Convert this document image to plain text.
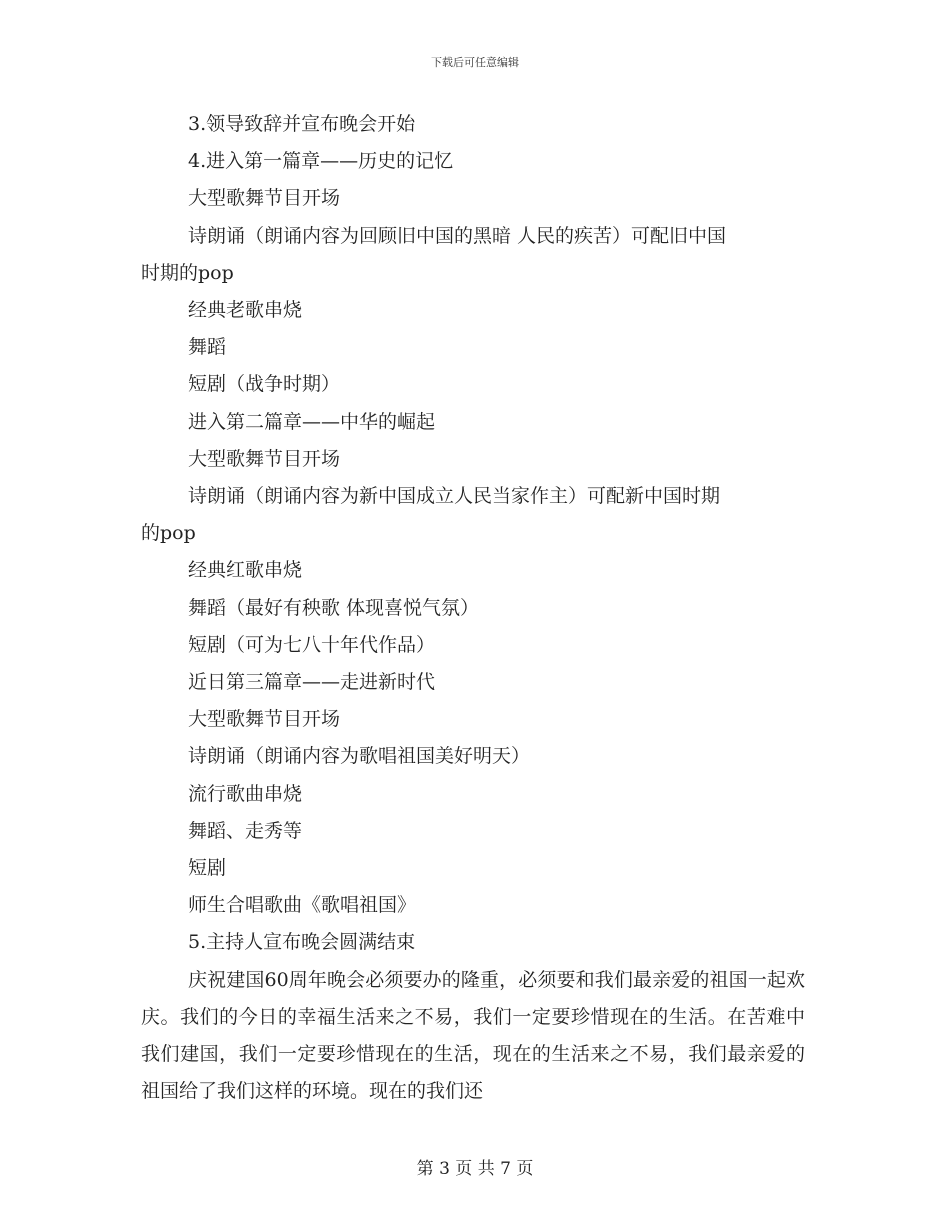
下载后可任意编辑
3.领导致辞并宣布晚会开始
4.进入第一篇章——历史的记忆
大型歌舞节目开场
诗朗诵（朗诵内容为回顾旧中国的黑暗 人民的疾苦）可配旧中国
时期的pop
经典老歌串烧
舞蹈
短剧（战争时期）
进入第二篇章——中华的崛起
大型歌舞节目开场
诗朗诵（朗诵内容为新中国成立人民当家作主）可配新中国时期
的pop
经典红歌串烧
舞蹈（最好有秧歌 体现喜悦气氛）
短剧（可为七八十年代作品）
近日第三篇章——走进新时代
大型歌舞节目开场
诗朗诵（朗诵内容为歌唱祖国美好明天）
流行歌曲串烧
舞蹈、走秀等
短剧
师生合唱歌曲《歌唱祖国》
5.主持人宣布晚会圆满结束
庆祝建国60周年晚会必须要办的隆重，必须要和我们最亲爱的祖国一起欢庆。我们的今日的幸福生活来之不易，我们一定要珍惜现在的生活。在苦难中我们建国，我们一定要珍惜现在的生活，现在的生活来之不易，我们最亲爱的祖国给了我们这样的环境。现在的我们还
第 3 页 共 7 页
